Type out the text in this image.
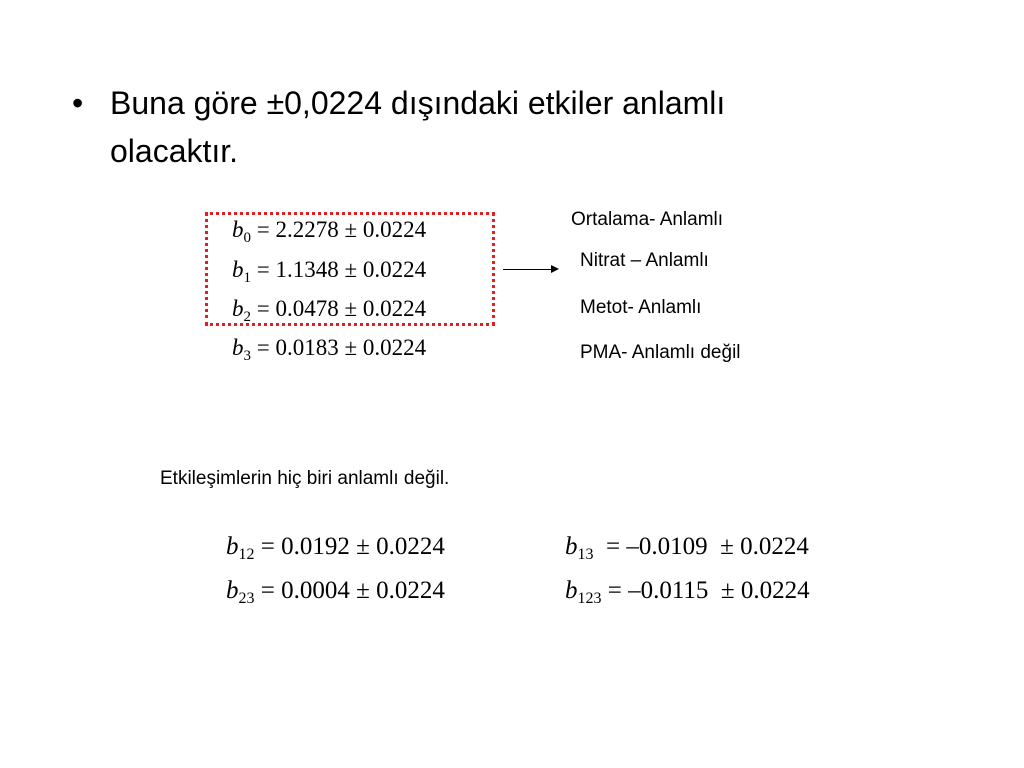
• Buna göre ±0,0224 dışındaki etkiler anlamlı
olacaktır.
$b_0 = 2.2278 \pm 0.0224$
$b_1 = 1.1348 \pm 0.0224$
$b_2 = 0.0478 \pm 0.0224$
$b_3 = 0.0183 \pm 0.0224$
Ortalama- Anlamlı
Nitrat – Anlamlı
Metot- Anlamlı
PMA- Anlamlı değil
Etkileşimlerin hiç biri anlamlı değil.
$b_{12} = 0.0192 \pm 0.0224$	$b_{13} = -0.0109 \pm 0.0224$
$b_{23} = 0.0004 \pm 0.0224$	$b_{123} = -0.0115 \pm 0.0224$
